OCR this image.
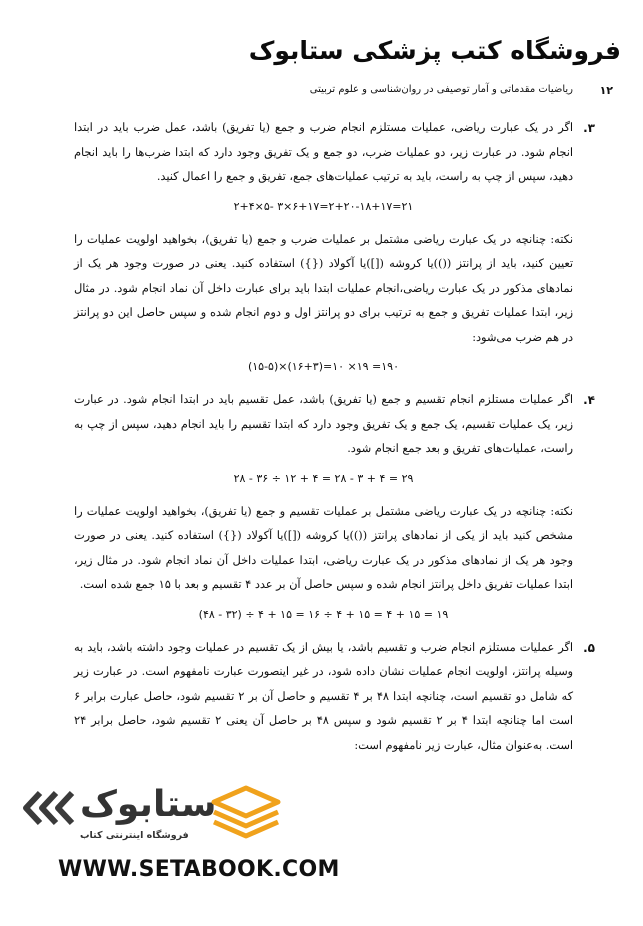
فروشگاه کتب پزشکی ستابوک
۱۲
ریاضیات مقدماتی و آمار توصیفی در روان‌شناسی و علوم تربیتی
۳.
اگر در یک عبارت ریاضی، عملیات مستلزم انجام ضرب و جمع (یا تفریق) باشد، عمل ضرب باید در ابتدا انجام شود. در عبارت زیر، دو عملیات ضرب، دو جمع و یک تفریق وجود دارد که ابتدا ضرب‌ها را باید انجام دهید، سپس از چپ به راست، باید به ترتیب عملیات‌های جمع، تفریق و جمع را اعمال کنید.
۲+۴×۵- ۳×۶+۱۷=۲+۲۰-۱۸+۱۷=۲۱
نکته: چنانچه در یک عبارت ریاضی مشتمل بر عملیات ضرب و جمع (یا تفریق)، بخواهید اولویت عملیات را تعیین کنید، باید از پرانتز (())یا کروشه ([])یا آکولاد ({}) استفاده کنید. یعنی در صورت وجود هر یک از نمادهای مذکور در یک عبارت ریاضی،انجام عملیات ابتدا باید برای عبارت داخل آن نماد انجام شود. در مثال زیر، ابتدا عملیات تفریق و جمع به ترتیب برای دو پرانتز اول و دوم انجام شده و سپس حاصل این دو پرانتز در هم ضرب می‌شود:
(۱۵-۵)×(۱۶+۳)=۱۰ ×۱۹ =۱۹۰
۴.
اگر عملیات مستلزم انجام تقسیم و جمع (یا تفریق) باشد، عمل تقسیم باید در ابتدا انجام شود. در عبارت زیر، یک عملیات تقسیم، یک جمع و یک تفریق وجود دارد که ابتدا تقسیم را باید انجام دهید، سپس از چپ به راست، عملیات‌های تفریق و بعد جمع انجام شود.
۲۸ - ۳۶ ÷ ۱۲ + ۴ = ۲۸ - ۳ + ۴ = ۲۹
نکته: چنانچه در یک عبارت ریاضی مشتمل بر عملیات تقسیم و جمع (یا تفریق)، بخواهید اولویت عملیات را مشخص کنید باید از یکی از نمادهای پرانتز (())یا کروشه ([])یا آکولاد ({}) استفاده کنید. یعنی در صورت وجود هر یک از نمادهای مذکور در یک عبارت ریاضی، ابتدا عملیات داخل آن نماد انجام شود. در مثال زیر، ابتدا عملیات تفریق داخل پرانتز انجام شده و سپس حاصل آن بر عدد ۴ تقسیم و بعد با ۱۵ جمع شده است.
(۴۸ - ۳۲) ÷ ۴ + ۱۵ = ۱۶ ÷ ۴ + ۱۵ = ۴ + ۱۵ = ۱۹
۵.
اگر عملیات مستلزم انجام ضرب و تقسیم باشد، یا بیش از یک تقسیم در عملیات وجود داشته باشد، باید به وسیله پرانتز، اولویت انجام عملیات نشان داده شود، در غیر اینصورت عبارت نامفهوم است. در عبارت زیر که شامل دو تقسیم است، چنانچه ابتدا ۴۸ بر ۴ تقسیم و حاصل آن بر ۲ تقسیم شود، حاصل عبارت برابر ۶ است اما چنانچه ابتدا ۴ بر ۲ تقسیم شود و سپس ۴۸ بر حاصل آن یعنی ۲ تقسیم شود، حاصل برابر ۲۴ است. به‌عنوان مثال، عبارت زیر نامفهوم است:
ستابوک
فروشگاه اینترنتی کتاب
WWW.SETABOOK.COM
